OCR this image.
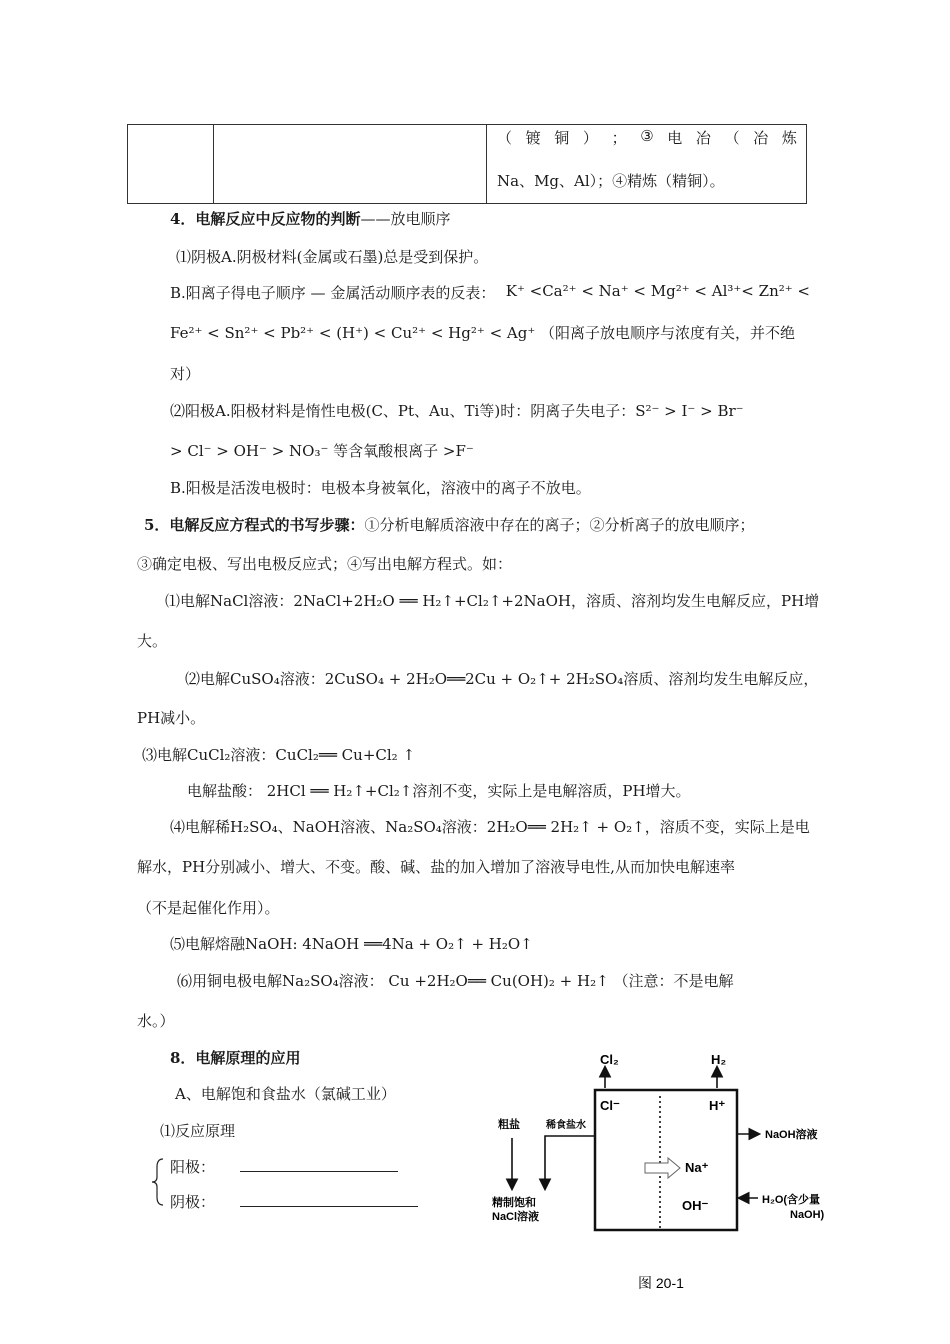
（ 镀 铜 ） ； ③ 电 冶 （ 冶 炼
Na、Mg、Al）；④精炼（精铜）。
4．电解反应中反应物的判断——放电顺序
⑴阴极A.阴极材料(金属或石墨)总是受到保护。
B.阳离子得电子顺序 — 金属活动顺序表的反表： K⁺ <Ca²⁺ < Na⁺ < Mg²⁺ < Al³⁺< Zn²⁺ <
Fe²⁺ < Sn²⁺ < Pb²⁺ < (H⁺) < Cu²⁺ < Hg²⁺ < Ag⁺ （阳离子放电顺序与浓度有关，并不绝
对）
⑵阳极A.阳极材料是惰性电极(C、Pt、Au、Ti等)时：阴离子失电子：S²⁻ > I⁻ > Br⁻
> Cl⁻ > OH⁻ > NO₃⁻ 等含氧酸根离子 >F⁻
B.阳极是活泼电极时：电极本身被氧化，溶液中的离子不放电。
5．电解反应方程式的书写步骤：①分析电解质溶液中存在的离子；②分析离子的放电顺序；
③确定电极、写出电极反应式；④写出电解方程式。如：
⑴电解NaCl溶液：2NaCl+2H₂O ══ H₂↑+Cl₂↑+2NaOH，溶质、溶剂均发生电解反应，PH增
大。
⑵电解CuSO₄溶液：2CuSO₄ + 2H₂O══2Cu + O₂↑+ 2H₂SO₄溶质、溶剂均发生电解反应，
PH减小。
⑶电解CuCl₂溶液：CuCl₂══ Cu+Cl₂ ↑
电解盐酸： 2HCl ══ H₂↑+Cl₂↑溶剂不变，实际上是电解溶质，PH增大。
⑷电解稀H₂SO₄、NaOH溶液、Na₂SO₄溶液：2H₂O══ 2H₂↑ + O₂↑，溶质不变，实际上是电
解水，PH分别减小、增大、不变。酸、碱、盐的加入增加了溶液导电性,从而加快电解速率
（不是起催化作用）。
⑸电解熔融NaOH: 4NaOH ══4Na + O₂↑ + H₂O↑
⑹用铜电极电解Na₂SO₄溶液： Cu +2H₂O══ Cu(OH)₂ + H₂↑ （注意：不是电解
水。）
8．电解原理的应用
A、电解饱和食盐水（氯碱工业）
⑴反应原理
阳极：
阴极：
Cl₂	H₂
Cl⁻	H⁺
粗盐
精制饱和
NaCl溶液
稀食盐水
NaOH溶液
Na⁺
OH⁻	H₂O(含少量
NaOH)
图 20-1
